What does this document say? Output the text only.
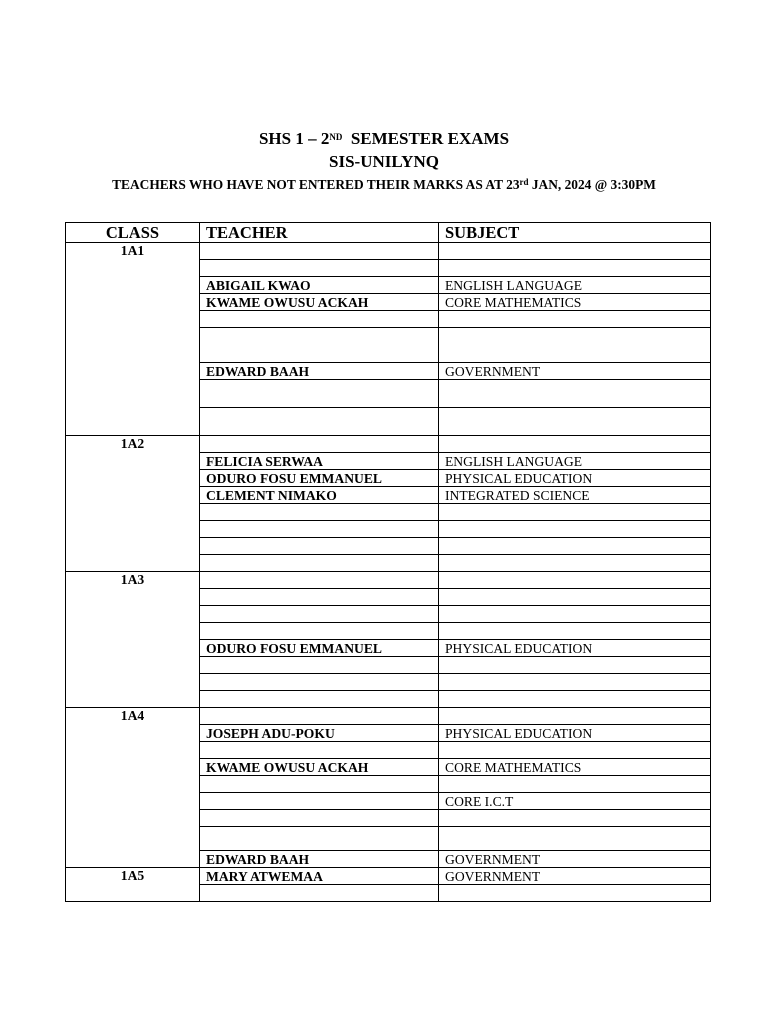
SHS 1 – 2ND  SEMESTER EXAMS
SIS-UNILYNQ
TEACHERS WHO HAVE NOT ENTERED THEIR MARKS AS AT 23rd JAN, 2024 @ 3:30PM
CLASS	TEACHER	SUBJECT
1A1		

	ABIGAIL KWAO	ENGLISH LANGUAGE
	KWAME OWUSU ACKAH	CORE MATHEMATICS

	EDWARD BAAH	GOVERNMENT

1A2		
	FELICIA SERWAA	ENGLISH LANGUAGE
	ODURO FOSU EMMANUEL	PHYSICAL EDUCATION
	CLEMENT NIMAKO	INTEGRATED SCIENCE

1A3		

	ODURO FOSU EMMANUEL	PHYSICAL EDUCATION

1A4		
	JOSEPH ADU-POKU	PHYSICAL EDUCATION

	KWAME OWUSU ACKAH	CORE MATHEMATICS

		CORE I.C.T

	EDWARD BAAH	GOVERNMENT
1A5	MARY ATWEMAA	GOVERNMENT
